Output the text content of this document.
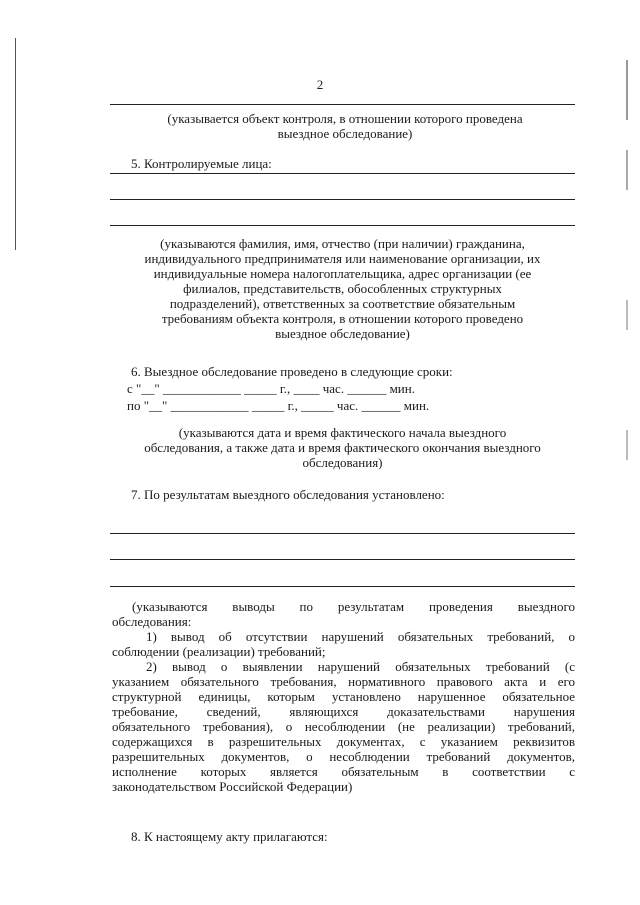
2
(указывается объект контроля, в отношении которого проведена выездное обследование)
5. Контролируемые лица:
(указываются фамилия, имя, отчество (при наличии) гражданина,
индивидуального предпринимателя или наименование организации, их
индивидуальные номера налогоплательщика, адрес организации (ее
филиалов, представительств, обособленных структурных
подразделений), ответственных за соответствие обязательным
требованиям объекта контроля, в отношении которого проведено
выездное обследование)
6. Выездное обследование проведено в следующие сроки:
с "__" ____________ _____ г., ____ час. ______ мин.
по "__" ____________ _____ г., _____ час. ______ мин.
(указываются дата и время фактического начала выездного
обследования, а также дата и время фактического окончания выездного
обследования)
7. По результатам выездного обследования установлено:
(указываются выводы по результатам проведения выездного
обследования:
1) вывод об отсутствии нарушений обязательных требований, о
соблюдении (реализации) требований;
2) вывод о выявлении нарушений обязательных требований (с
указанием обязательного требования, нормативного правового акта и его
структурной единицы, которым установлено нарушенное обязательное
требование, сведений, являющихся доказательствами нарушения
обязательного требования), о несоблюдении (не реализации) требований,
содержащихся в разрешительных документах, с указанием реквизитов
разрешительных документов, о несоблюдении требований документов,
исполнение которых является обязательным в соответствии с
законодательством Российской Федерации)
8. К настоящему акту прилагаются:
